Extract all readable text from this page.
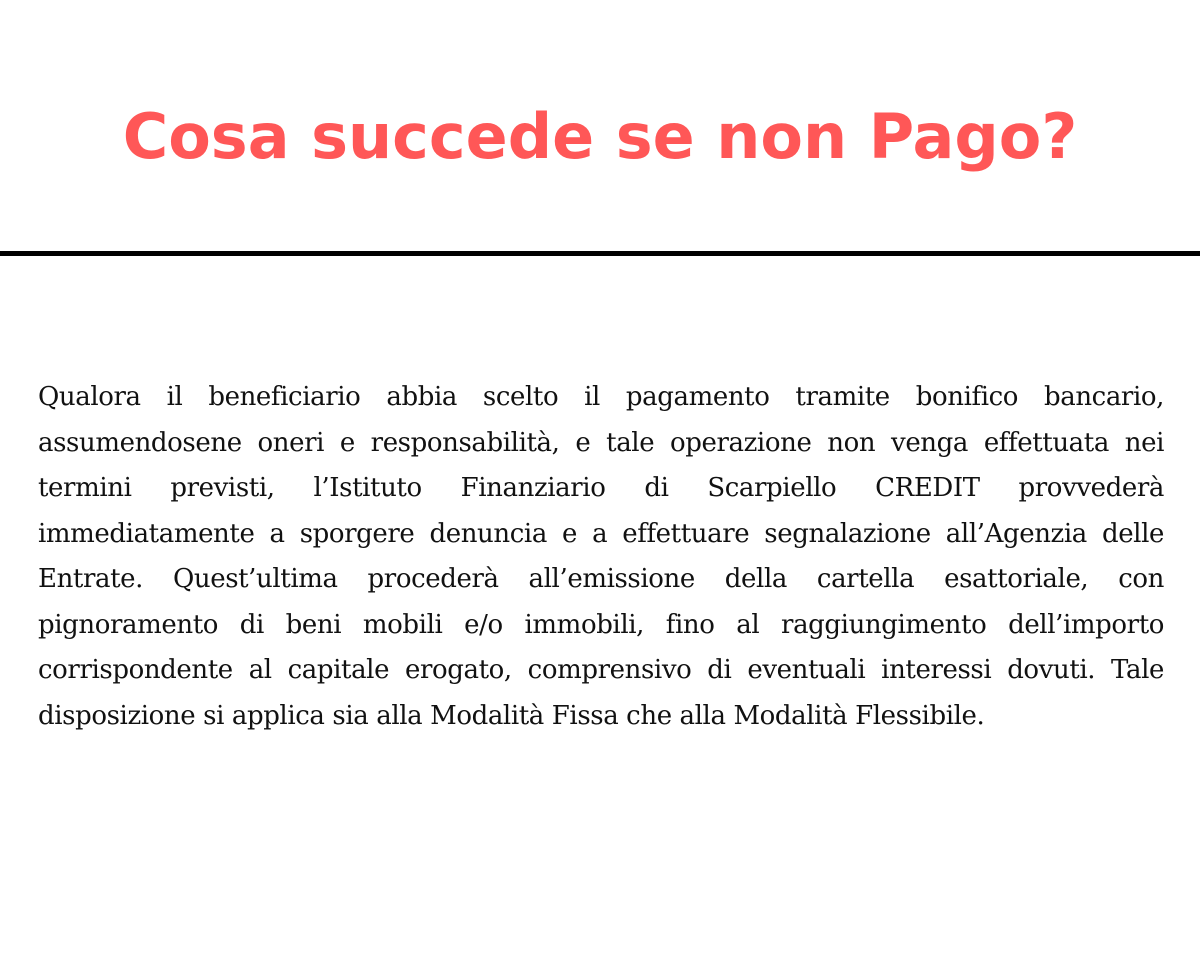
Cosa succede se non Pago?

Qualora il beneficiario abbia scelto il pagamento tramite bonifico bancario, assumendosene oneri e responsabilità, e tale operazione non venga effettuata nei termini previsti, l’Istituto Finanziario di Scarpiello CREDIT provvederà immediatamente a sporgere denuncia e a effettuare segnalazione all’Agenzia delle Entrate. Quest’ultima procederà all’emissione della cartella esattoriale, con pignoramento di beni mobili e/o immobili, fino al raggiungimento dell’importo corrispondente al capitale erogato, comprensivo di eventuali interessi dovuti. Tale disposizione si applica sia alla Modalità Fissa che alla Modalità Flessibile.
